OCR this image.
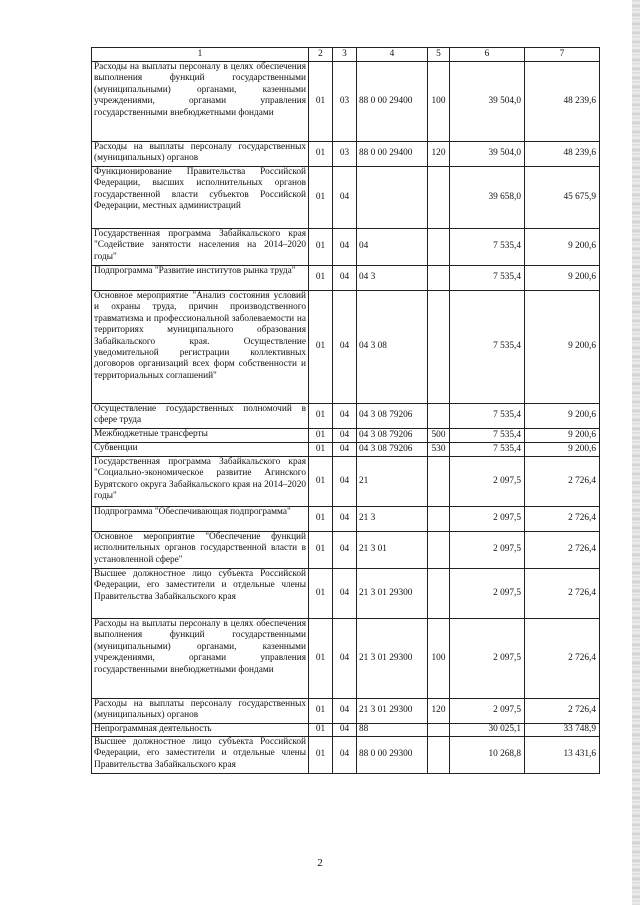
1	2	3	4	5	6	7
Расходы на выплаты персоналу в целях обеспечения выполнения функций государственными (муниципальными) органами, казенными учреждениями, органами управления государственными внебюджетными фондами	01	03	88 0 00 29400	100	39 504,0	48 239,6
Расходы на выплаты персоналу государственных (муниципальных) органов	01	03	88 0 00 29400	120	39 504,0	48 239,6
Функционирование Правительства Российской Федерации, высших исполнительных органов государственной власти субъектов Российской Федерации, местных администраций	01	04			39 658,0	45 675,9
Государственная программа Забайкальского края "Содействие занятости населения на 2014–2020 годы"	01	04	04		7 535,4	9 200,6
Подпрограмма "Развитие институтов рынка труда"	01	04	04 3		7 535,4	9 200,6
Основное мероприятие "Анализ состояния условий и охраны труда, причин производственного травматизма и профессиональной заболеваемости на территориях муниципального образования Забайкальского края. Осуществление уведомительной регистрации коллективных договоров организаций всех форм собственности и территориальных соглашений"	01	04	04 3 08		7 535,4	9 200,6
Осуществление государственных полномочий в сфере труда	01	04	04 3 08 79206		7 535,4	9 200,6
Межбюджетные трансферты	01	04	04 3 08 79206	500	7 535,4	9 200,6
Субвенции	01	04	04 3 08 79206	530	7 535,4	9 200,6
Государственная программа Забайкальского края "Социально-экономическое развитие Агинского Бурятского округа Забайкальского края на 2014–2020 годы"	01	04	21		2 097,5	2 726,4
Подпрограмма "Обеспечивающая подпрограмма"	01	04	21 3		2 097,5	2 726,4
Основное мероприятие "Обеспечение функций исполнительных органов государственной власти в установленной сфере"	01	04	21 3 01		2 097,5	2 726,4
Высшее должностное лицо субъекта Российской Федерации, его заместители и отдельные члены Правительства Забайкальского края	01	04	21 3 01 29300		2 097,5	2 726,4
Расходы на выплаты персоналу в целях обеспечения выполнения функций государственными (муниципальными) органами, казенными учреждениями, органами управления государственными внебюджетными фондами	01	04	21 3 01 29300	100	2 097,5	2 726,4
Расходы на выплаты персоналу государственных (муниципальных) органов	01	04	21 3 01 29300	120	2 097,5	2 726,4
Непрограммная деятельность	01	04	88		30 025,1	33 748,9
Высшее должностное лицо субъекта Российской Федерации, его заместители и отдельные члены Правительства Забайкальского края	01	04	88 0 00 29300		10 268,8	13 431,6
2
